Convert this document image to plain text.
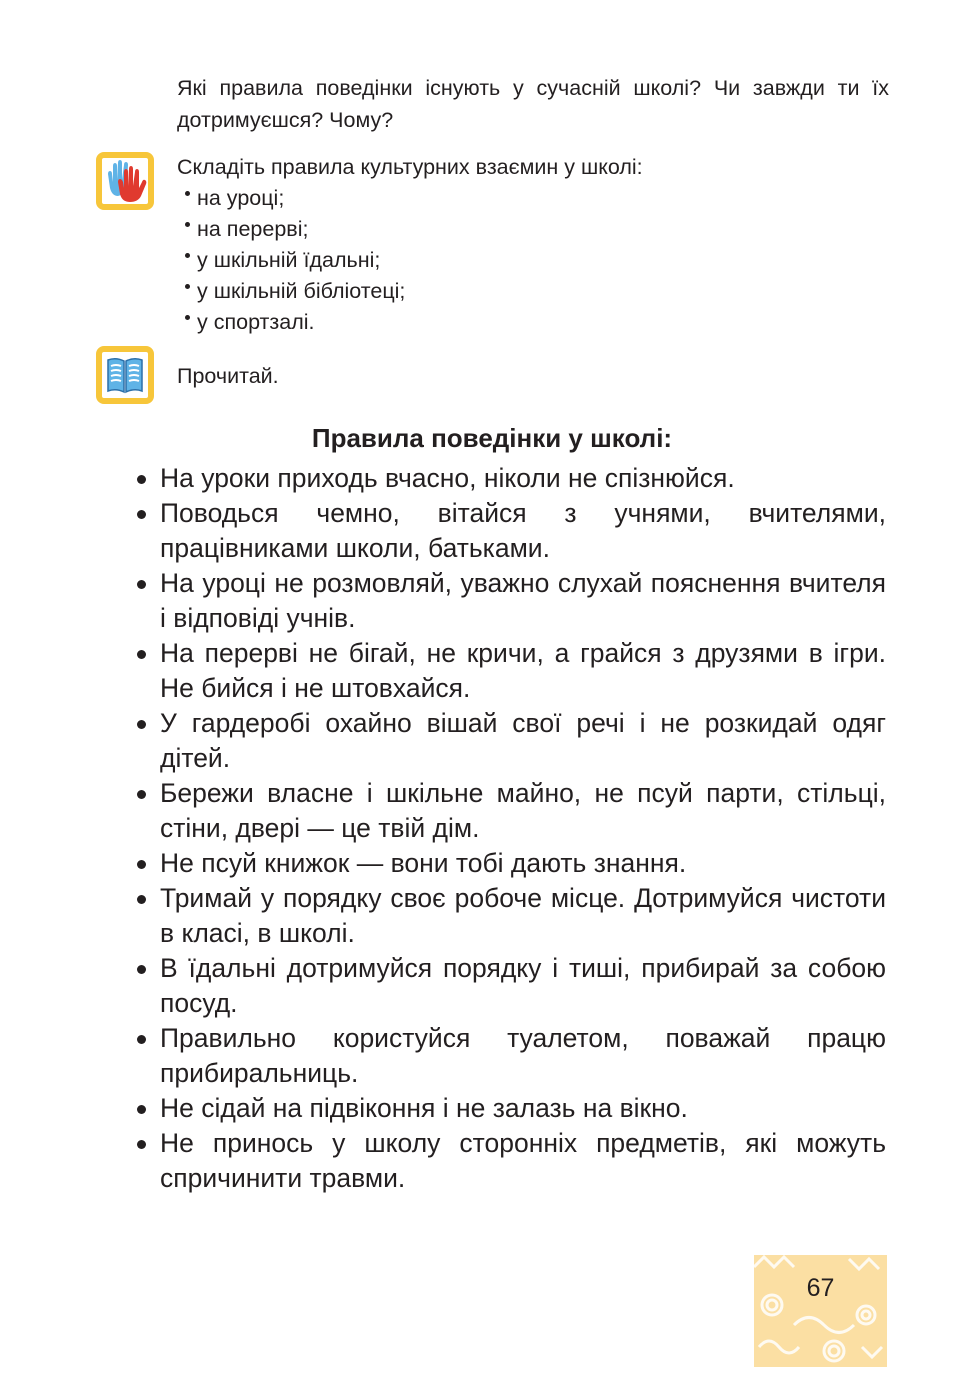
Які правила поведінки існують у сучасній школі? Чи завжди ти їх дотримуєшся? Чому?
Складіть правила культурних взаємин у школі:
на уроці;
на перерві;
у шкільній їдальні;
у шкільній бібліотеці;
у спортзалі.
Прочитай.
Правила поведінки у школі:
На уроки приходь вчасно, ніколи не спізнюйся.
Поводься чемно, вітайся з учнями, вчителями, працівниками школи, батьками.
На уроці не розмовляй, уважно слухай пояснення вчителя і відповіді учнів.
На перерві не бігай, не кричи, а грайся з друзями в ігри. Не бийся і не штовхайся.
У гардеробі охайно вішай свої речі і не розкидай одяг дітей.
Бережи власне і шкільне майно, не псуй парти, стільці, стіни, двері — це твій дім.
Не псуй книжок — вони тобі дають знання.
Тримай у порядку своє робоче місце. Дотримуйся чистоти в класі, в школі.
В їдальні дотримуйся порядку і тиші, прибирай за собою посуд.
Правильно користуйся туалетом, поважай працю прибиральниць.
Не сідай на підвіконня і не залазь на вікно.
Не принось у школу сторонніх предметів, які можуть спричинити травми.
67
